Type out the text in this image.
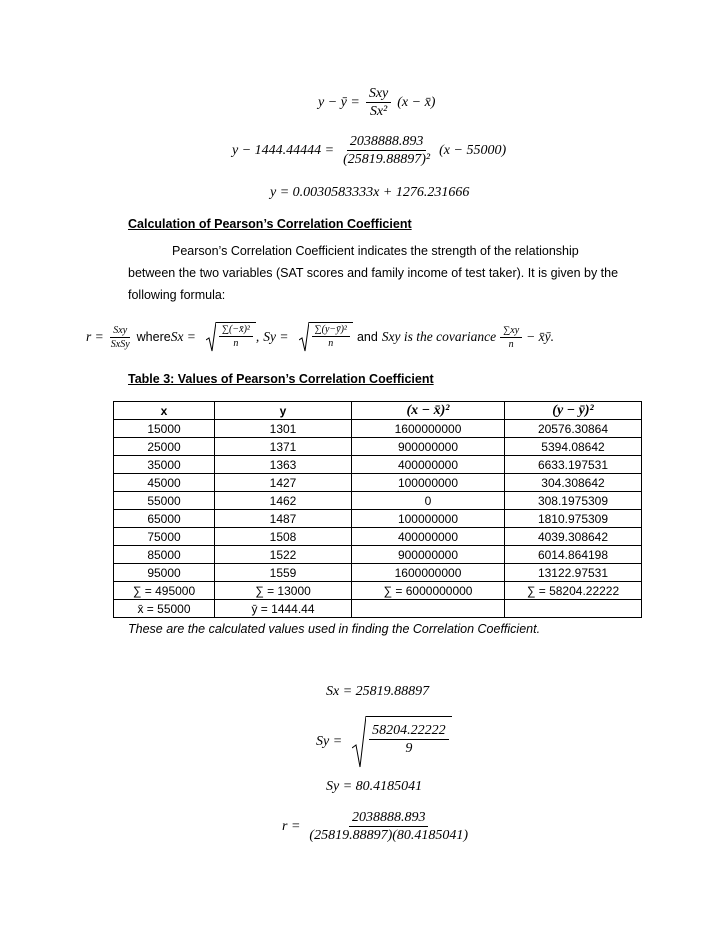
y − ȳ = $\frac{\text{Sxy}}{\text{Sx²}} (x$ − x̄)
$y - 1444.44444 = \frac{2038888.893}{\text{(25819.88897)²}} (x - 55000)$
y = 0.0030583333x + 1276.231666
Calculation of Pearson’s Correlation Coefficient
Pearson’s Correlation Coefficient indicates the strength of the relationship
between the two variables (SAT scores and family income of test taker). It is given by the
following formula:
$r = \frac{\text{Sxy}}{\text{SxSy}}$ where $Sx = \frac{\text{∑(−x̄)²}}{n}$ , $Sy = \frac{\text{∑(y−ȳ)²}}{n}$ and Sxy is the covariance $\frac{\sum xy}{n}$ − x̄ȳ.
Table 3: Values of Pearson’s Correlation Coefficient
x	y	(x − x̄)²	(y − ȳ)²
15000	1301	1600000000	20576.30864
25000	1371	900000000	5394.08642
35000	1363	400000000	6633.197531
45000	1427	100000000	304.308642
55000	1462	0	308.1975309
65000	1487	100000000	1810.975309
75000	1508	400000000	4039.308642
85000	1522	900000000	6014.864198
95000	1559	1600000000	13122.97531
∑ = 495000	∑ = 13000	∑ = 6000000000	∑ = 58204.22222
x̄ = 55000	ȳ = 1444.44		
These are the calculated values used in finding the Correlation Coefficient.
Sx = 25819.88897
$Sy = \frac{58204.22222}{9}$
Sy = 80.4185041
$r = \frac{2038888.893}{(25819.88897)(80.4185041)}$
